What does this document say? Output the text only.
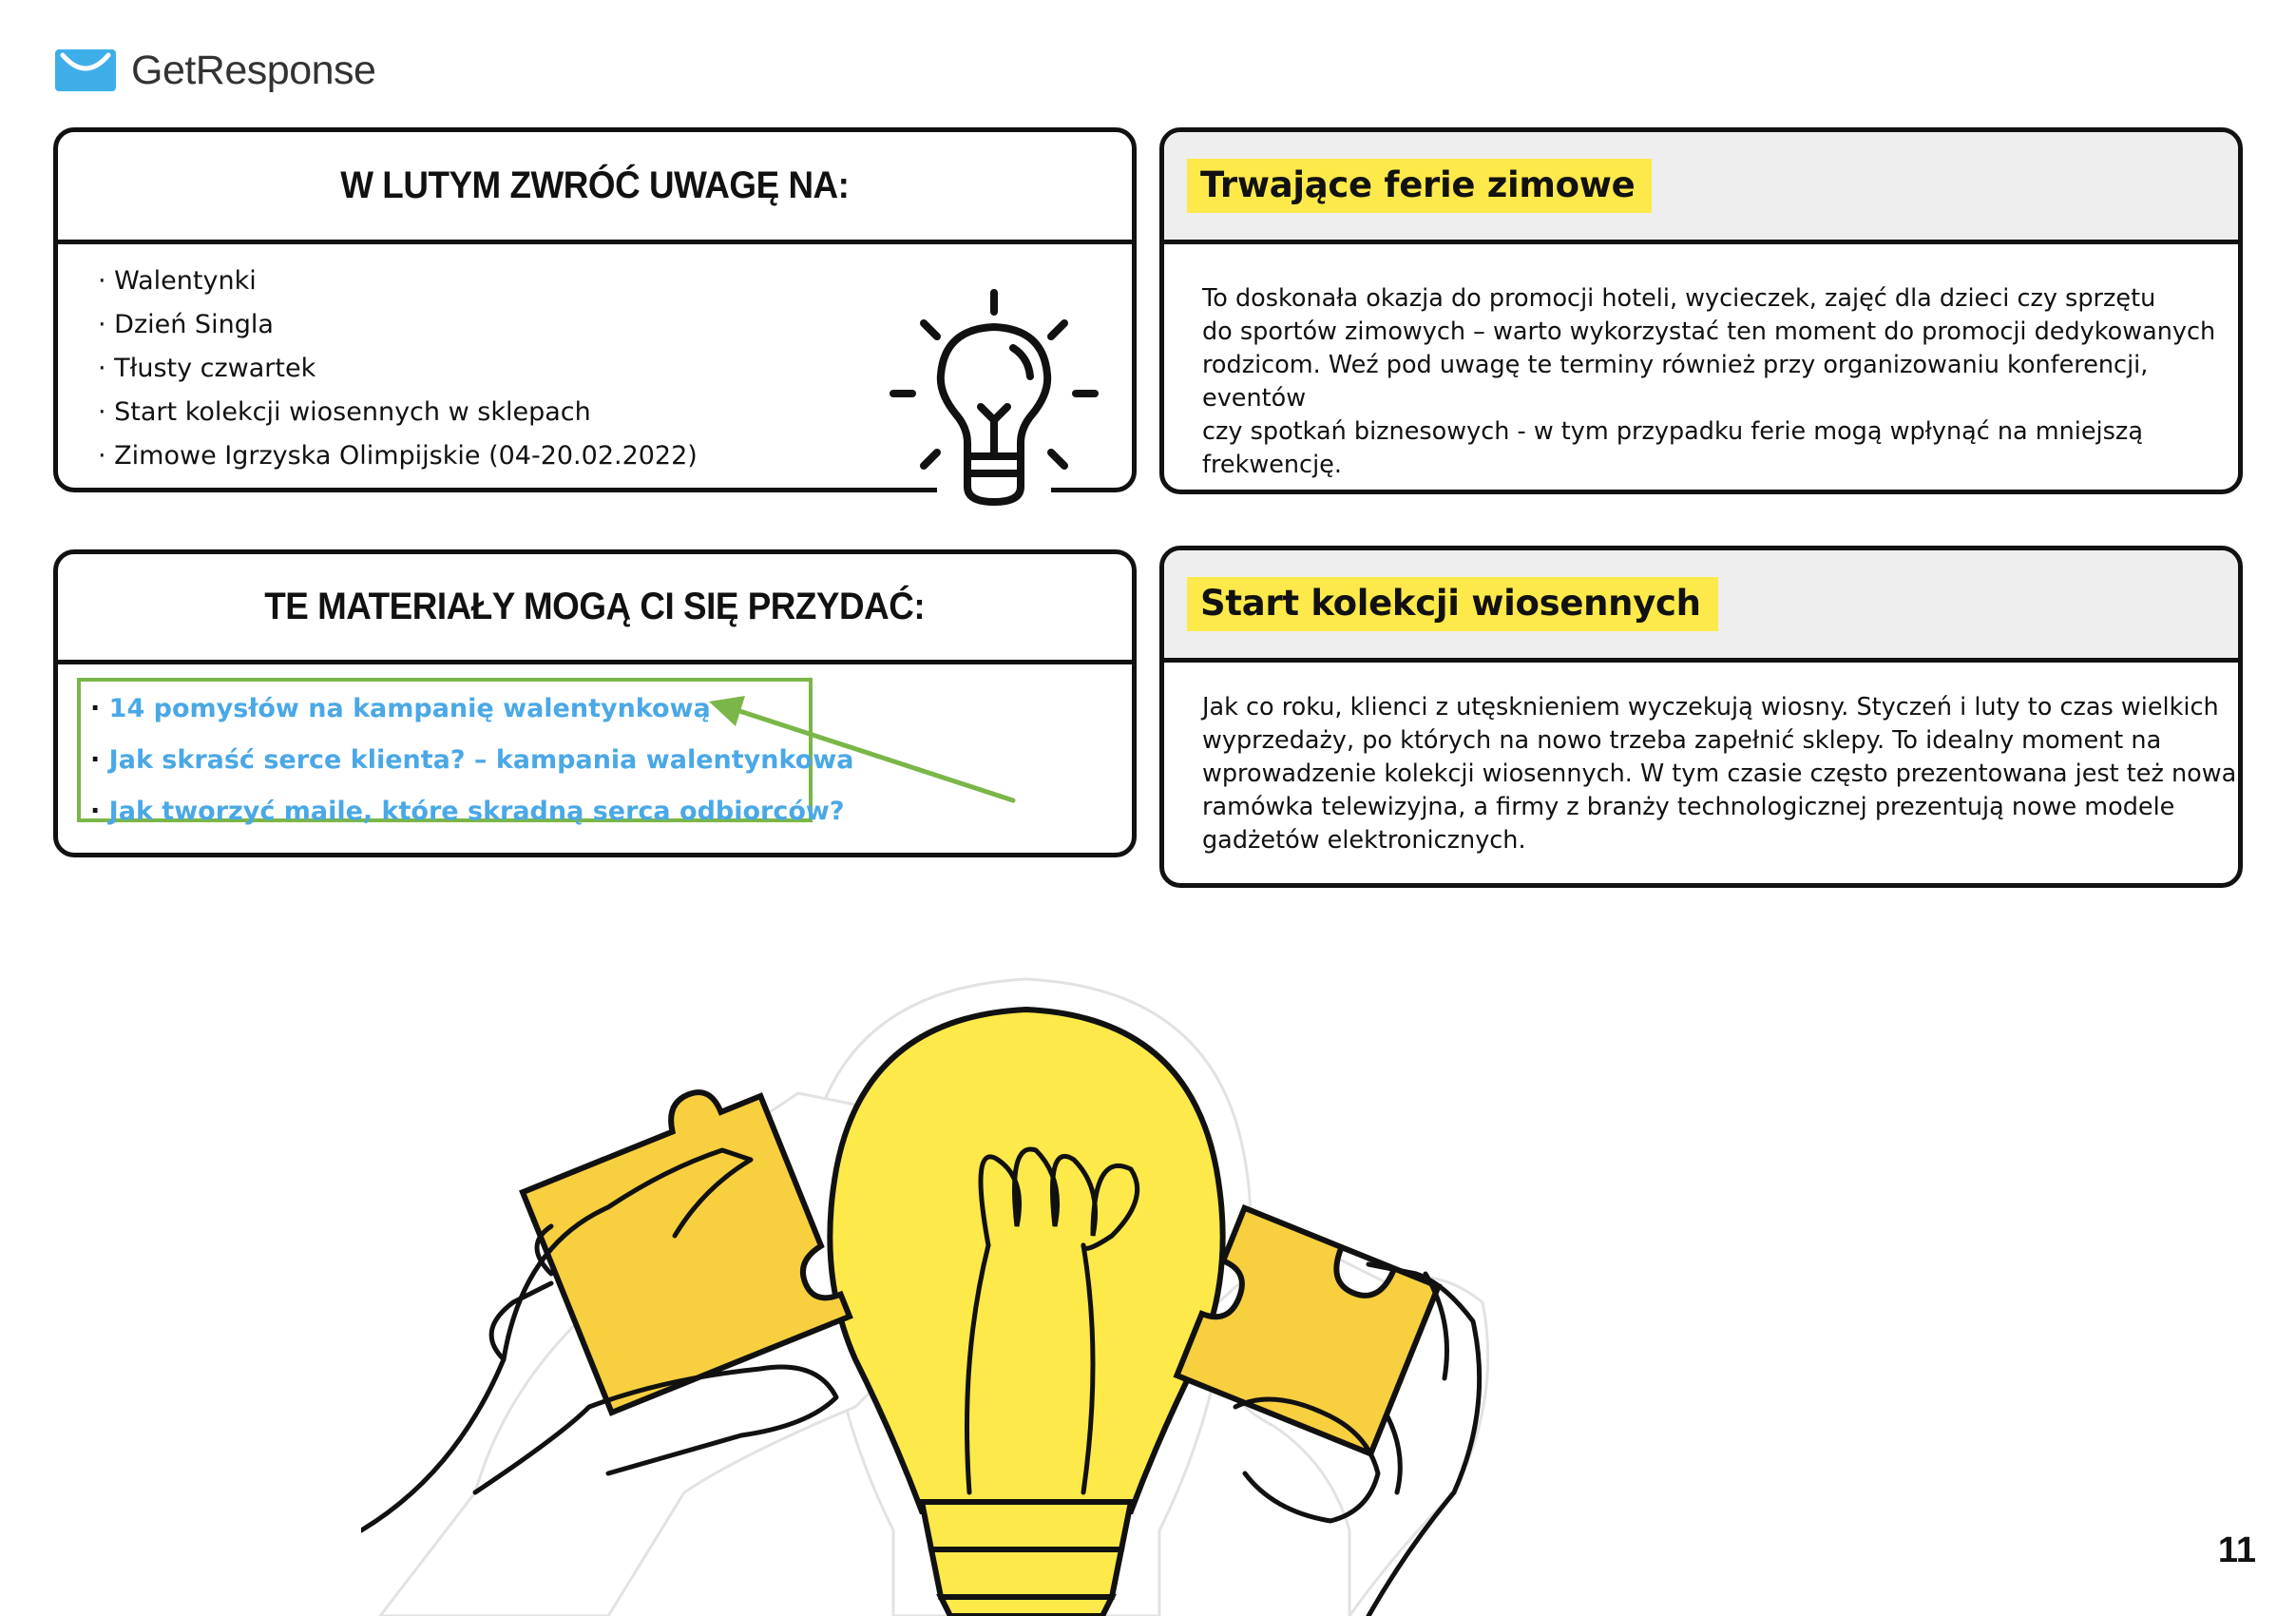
GetResponse
W LUTYM ZWRÓĆ UWAGĘ NA:
· Walentynki
· Dzień Singla
· Tłusty czwartek
· Start kolekcji wiosennych w sklepach
· Zimowe Igrzyska Olimpijskie (04-20.02.2022)
Trwające ferie zimowe
To doskonała okazja do promocji hoteli, wycieczek, zajęć dla dzieci czy sprzętu
do sportów zimowych – warto wykorzystać ten moment do promocji dedykowanych
rodzicom. Weź pod uwagę te terminy również przy organizowaniu konferencji, eventów
czy spotkań biznesowych - w tym przypadku ferie mogą wpłynąć na mniejszą
frekwencję.
TE MATERIAŁY MOGĄ CI SIĘ PRZYDAĆ:
· 14 pomysłów na kampanię walentynkową
· Jak skraść serce klienta? – kampania walentynkowa
· Jak tworzyć maile, które skradną serca odbiorców?
Start kolekcji wiosennych
Jak co roku, klienci z utęsknieniem wyczekują wiosny. Styczeń i luty to czas wielkich
wyprzedaży, po których na nowo trzeba zapełnić sklepy. To idealny moment na
wprowadzenie kolekcji wiosennych. W tym czasie często prezentowana jest też nowa
ramówka telewizyjna, a firmy z branży technologicznej prezentują nowe modele
gadżetów elektronicznych.
11
